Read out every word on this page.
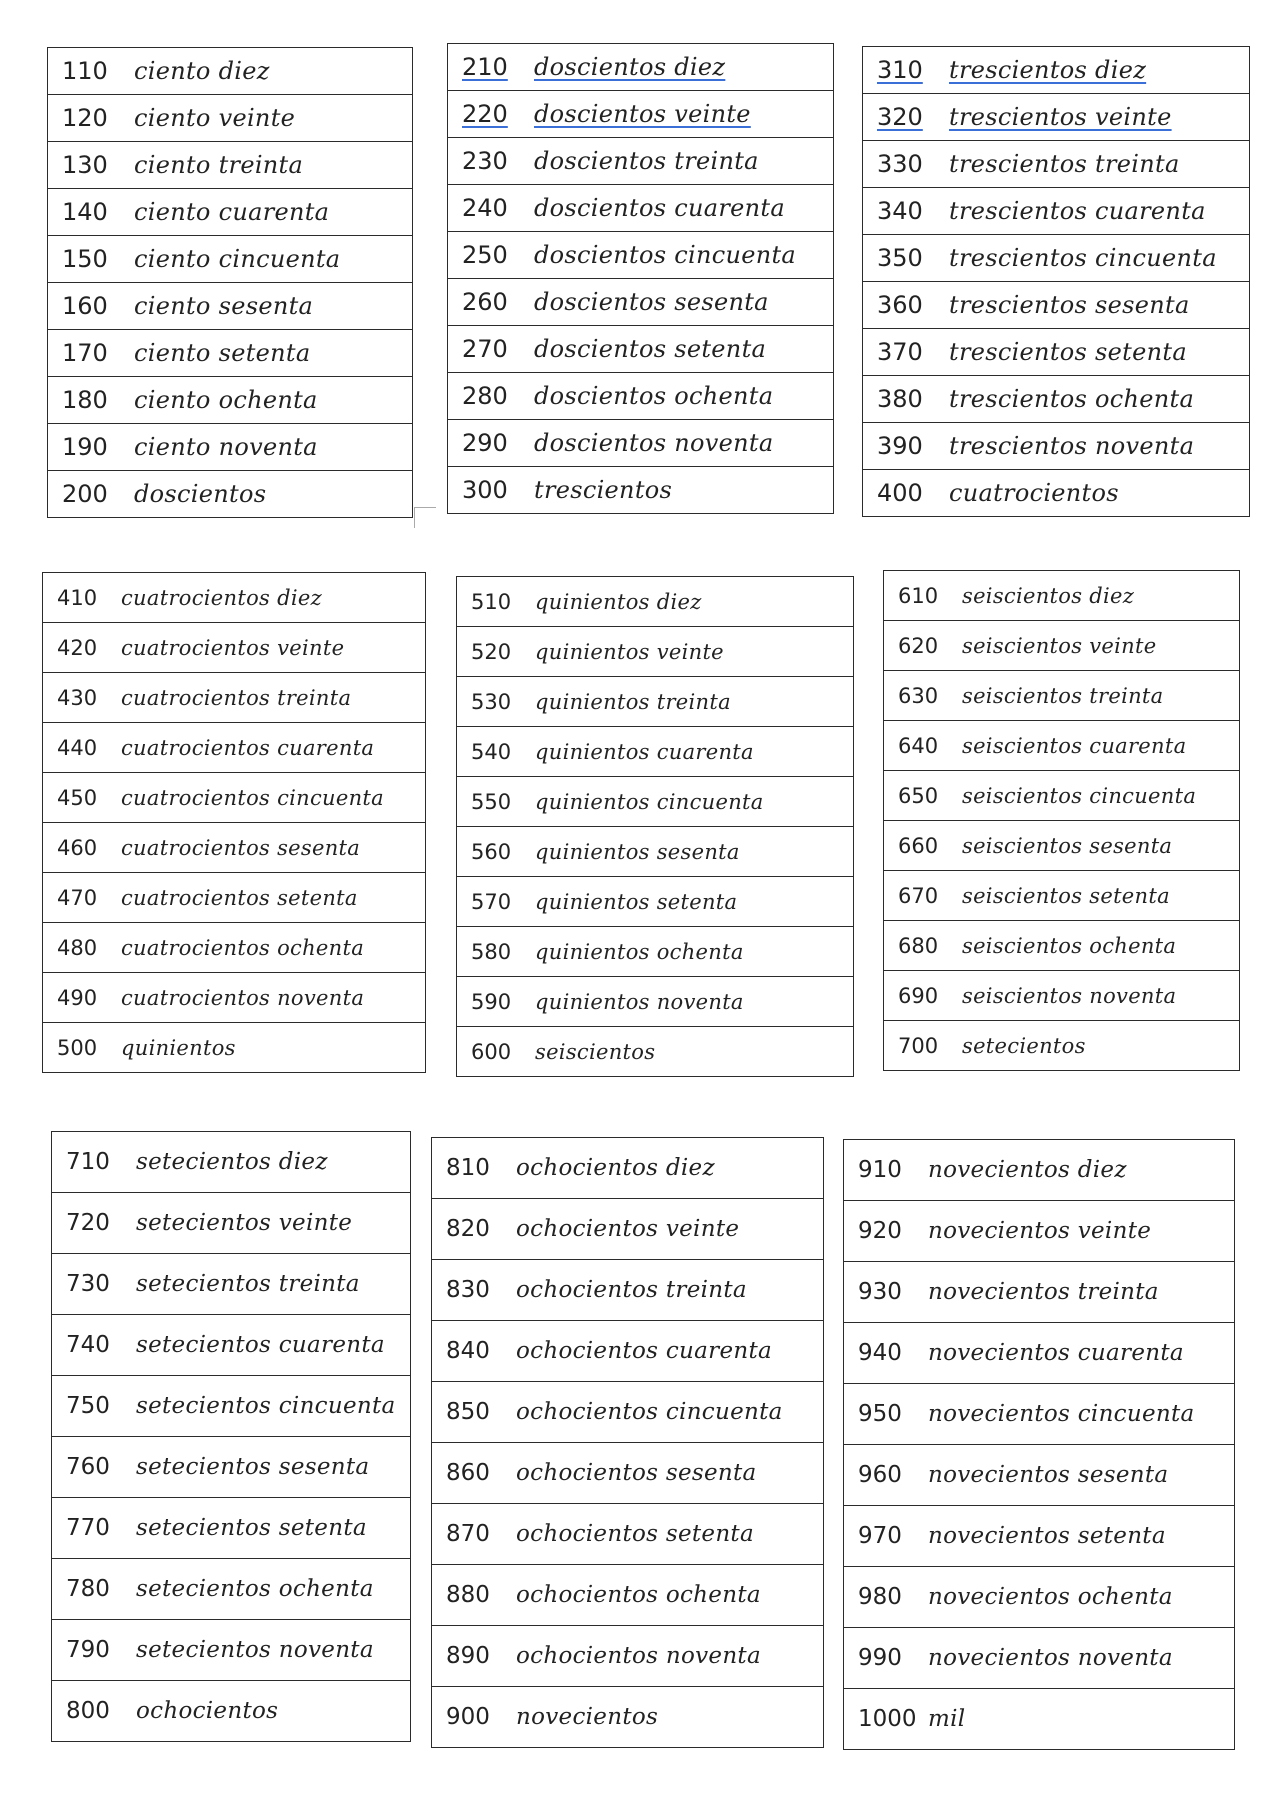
110 ciento diez
120 ciento veinte
130 ciento treinta
140 ciento cuarenta
150 ciento cincuenta
160 ciento sesenta
170 ciento setenta
180 ciento ochenta
190 ciento noventa
200 doscientos
210 doscientos diez
220 doscientos veinte
230 doscientos treinta
240 doscientos cuarenta
250 doscientos cincuenta
260 doscientos sesenta
270 doscientos setenta
280 doscientos ochenta
290 doscientos noventa
300 trescientos
310 trescientos diez
320 trescientos veinte
330 trescientos treinta
340 trescientos cuarenta
350 trescientos cincuenta
360 trescientos sesenta
370 trescientos setenta
380 trescientos ochenta
390 trescientos noventa
400 cuatrocientos
410 cuatrocientos diez
420 cuatrocientos veinte
430 cuatrocientos treinta
440 cuatrocientos cuarenta
450 cuatrocientos cincuenta
460 cuatrocientos sesenta
470 cuatrocientos setenta
480 cuatrocientos ochenta
490 cuatrocientos noventa
500 quinientos
510 quinientos diez
520 quinientos veinte
530 quinientos treinta
540 quinientos cuarenta
550 quinientos cincuenta
560 quinientos sesenta
570 quinientos setenta
580 quinientos ochenta
590 quinientos noventa
600 seiscientos
610 seiscientos diez
620 seiscientos veinte
630 seiscientos treinta
640 seiscientos cuarenta
650 seiscientos cincuenta
660 seiscientos sesenta
670 seiscientos setenta
680 seiscientos ochenta
690 seiscientos noventa
700 setecientos
710 setecientos diez
720 setecientos veinte
730 setecientos treinta
740 setecientos cuarenta
750 setecientos cincuenta
760 setecientos sesenta
770 setecientos setenta
780 setecientos ochenta
790 setecientos noventa
800 ochocientos
810 ochocientos diez
820 ochocientos veinte
830 ochocientos treinta
840 ochocientos cuarenta
850 ochocientos cincuenta
860 ochocientos sesenta
870 ochocientos setenta
880 ochocientos ochenta
890 ochocientos noventa
900 novecientos
910 novecientos diez
920 novecientos veinte
930 novecientos treinta
940 novecientos cuarenta
950 novecientos cincuenta
960 novecientos sesenta
970 novecientos setenta
980 novecientos ochenta
990 novecientos noventa
1000 mil
